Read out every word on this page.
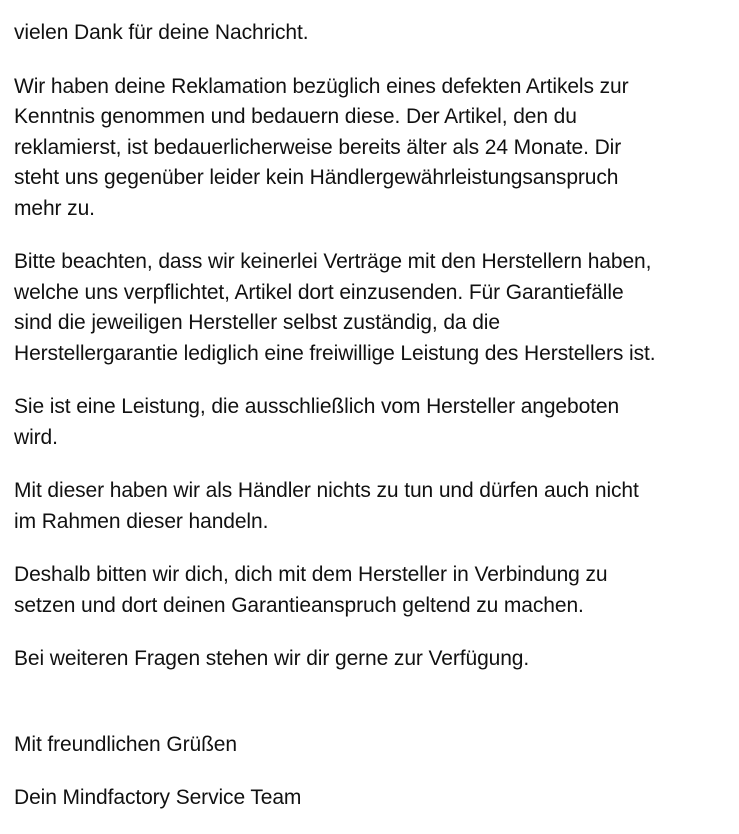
vielen Dank für deine Nachricht.

Wir haben deine Reklamation bezüglich eines defekten Artikels zur
Kenntnis genommen und bedauern diese. Der Artikel, den du
reklamierst, ist bedauerlicherweise bereits älter als 24 Monate. Dir
steht uns gegenüber leider kein Händlergewährleistungsanspruch
mehr zu.

Bitte beachten, dass wir keinerlei Verträge mit den Herstellern haben,
welche uns verpflichtet, Artikel dort einzusenden. Für Garantiefälle
sind die jeweiligen Hersteller selbst zuständig, da die
Herstellergarantie lediglich eine freiwillige Leistung des Herstellers ist.

Sie ist eine Leistung, die ausschließlich vom Hersteller angeboten
wird.

Mit dieser haben wir als Händler nichts zu tun und dürfen auch nicht
im Rahmen dieser handeln.

Deshalb bitten wir dich, dich mit dem Hersteller in Verbindung zu
setzen und dort deinen Garantieanspruch geltend zu machen.

Bei weiteren Fragen stehen wir dir gerne zur Verfügung.

Mit freundlichen Grüßen

Dein Mindfactory Service Team
